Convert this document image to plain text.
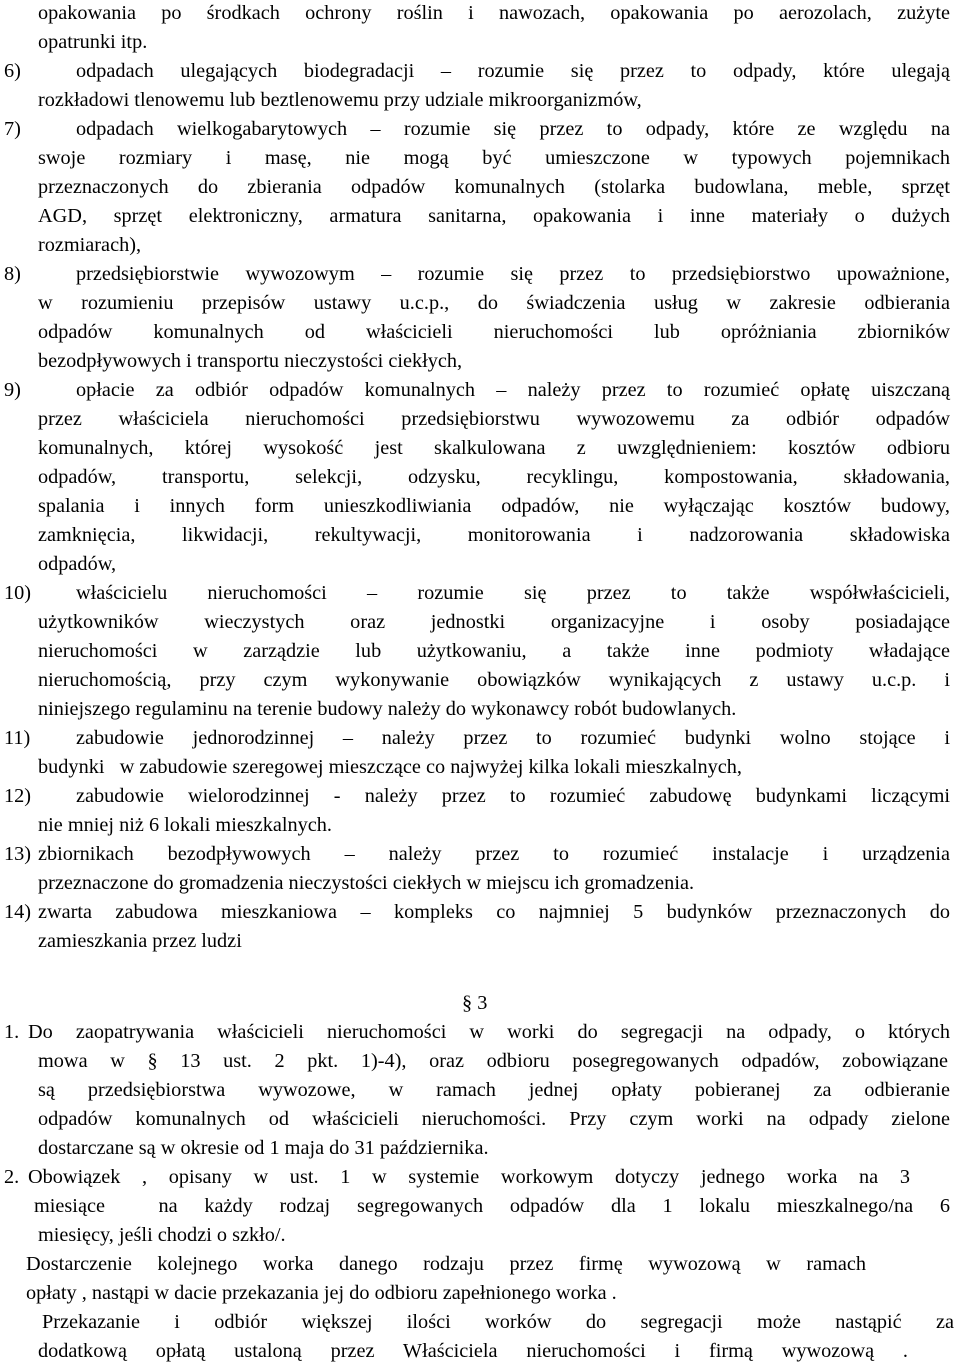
opakowania po środkach ochrony roślin i nawozach, opakowania po aerozolach, zużyte
opatrunki itp.
6)	odpadach ulegających biodegradacji – rozumie się przez to odpady, które ulegają
rozkładowi tlenowemu lub beztlenowemu przy udziale mikroorganizmów,
7)	odpadach wielkogabarytowych – rozumie się przez to odpady, które ze względu na
swoje rozmiary i masę, nie mogą być umieszczone w typowych pojemnikach
przeznaczonych do zbierania odpadów komunalnych (stolarka budowlana, meble, sprzęt
AGD, sprzęt elektroniczny, armatura sanitarna, opakowania i inne materiały o dużych
rozmiarach),
8)	przedsiębiorstwie wywozowym – rozumie się przez to przedsiębiorstwo upoważnione,
w rozumieniu przepisów ustawy u.c.p., do świadczenia usług w zakresie odbierania
odpadów komunalnych od właścicieli nieruchomości lub opróżniania zbiorników
bezodpływowych i transportu nieczystości ciekłych,
9)	opłacie za odbiór odpadów komunalnych – należy przez to rozumieć opłatę uiszczaną
przez właściciela nieruchomości przedsiębiorstwu wywozowemu za odbiór odpadów
komunalnych, której wysokość jest skalkulowana z uwzględnieniem: kosztów odbioru
odpadów, transportu, selekcji, odzysku, recyklingu, kompostowania, składowania,
spalania i innych form unieszkodliwiania odpadów, nie wyłączając kosztów budowy,
zamknięcia, likwidacji, rekultywacji, monitorowania i nadzorowania składowiska
odpadów,
10) właścicielu nieruchomości – rozumie się przez to także współwłaścicieli,
użytkowników wieczystych oraz jednostki organizacyjne i osoby posiadające
nieruchomości w zarządzie lub użytkowaniu, a także inne podmioty władające
nieruchomością, przy czym wykonywanie obowiązków wynikających z ustawy u.c.p. i
niniejszego regulaminu na terenie budowy należy do wykonawcy robót budowlanych.
11) zabudowie jednorodzinnej – należy przez to rozumieć budynki wolno stojące i
budynki   w zabudowie szeregowej mieszczące co najwyżej kilka lokali mieszkalnych,
12) zabudowie wielorodzinnej - należy przez to rozumieć zabudowę budynkami liczącymi
nie mniej niż 6 lokali mieszkalnych.
13) zbiornikach bezodpływowych – należy przez to rozumieć instalacje i urządzenia
przeznaczone do gromadzenia nieczystości ciekłych w miejscu ich gromadzenia.
14) zwarta zabudowa mieszkaniowa – kompleks co najmniej 5 budynków przeznaczonych do
zamieszkania przez ludzi
§ 3
1. Do zaopatrywania właścicieli nieruchomości w worki do segregacji na odpady, o których
mowa w § 13 ust. 2 pkt. 1)-4), oraz odbioru posegregowanych odpadów, zobowiązane
są przedsiębiorstwa wywozowe, w ramach jednej opłaty pobieranej za odbieranie
odpadów komunalnych od właścicieli nieruchomości. Przy czym worki na odpady zielone
dostarczane są w okresie od 1 maja do 31 października.
2. Obowiązek , opisany w ust. 1 w systemie workowym dotyczy jednego worka na 3
miesiące  na każdy rodzaj segregowanych odpadów dla 1 lokalu mieszkalnego/na 6
miesięcy, jeśli chodzi o szkło/.
Dostarczenie kolejnego worka danego rodzaju przez firmę wywozową w ramach
opłaty , nastąpi w dacie przekazania jej do odbioru zapełnionego worka .
Przekazanie i odbiór większej ilości worków do segregacji może nastąpić za
dodatkową opłatą ustaloną przez Właściciela nieruchomości i firmą wywozową .
